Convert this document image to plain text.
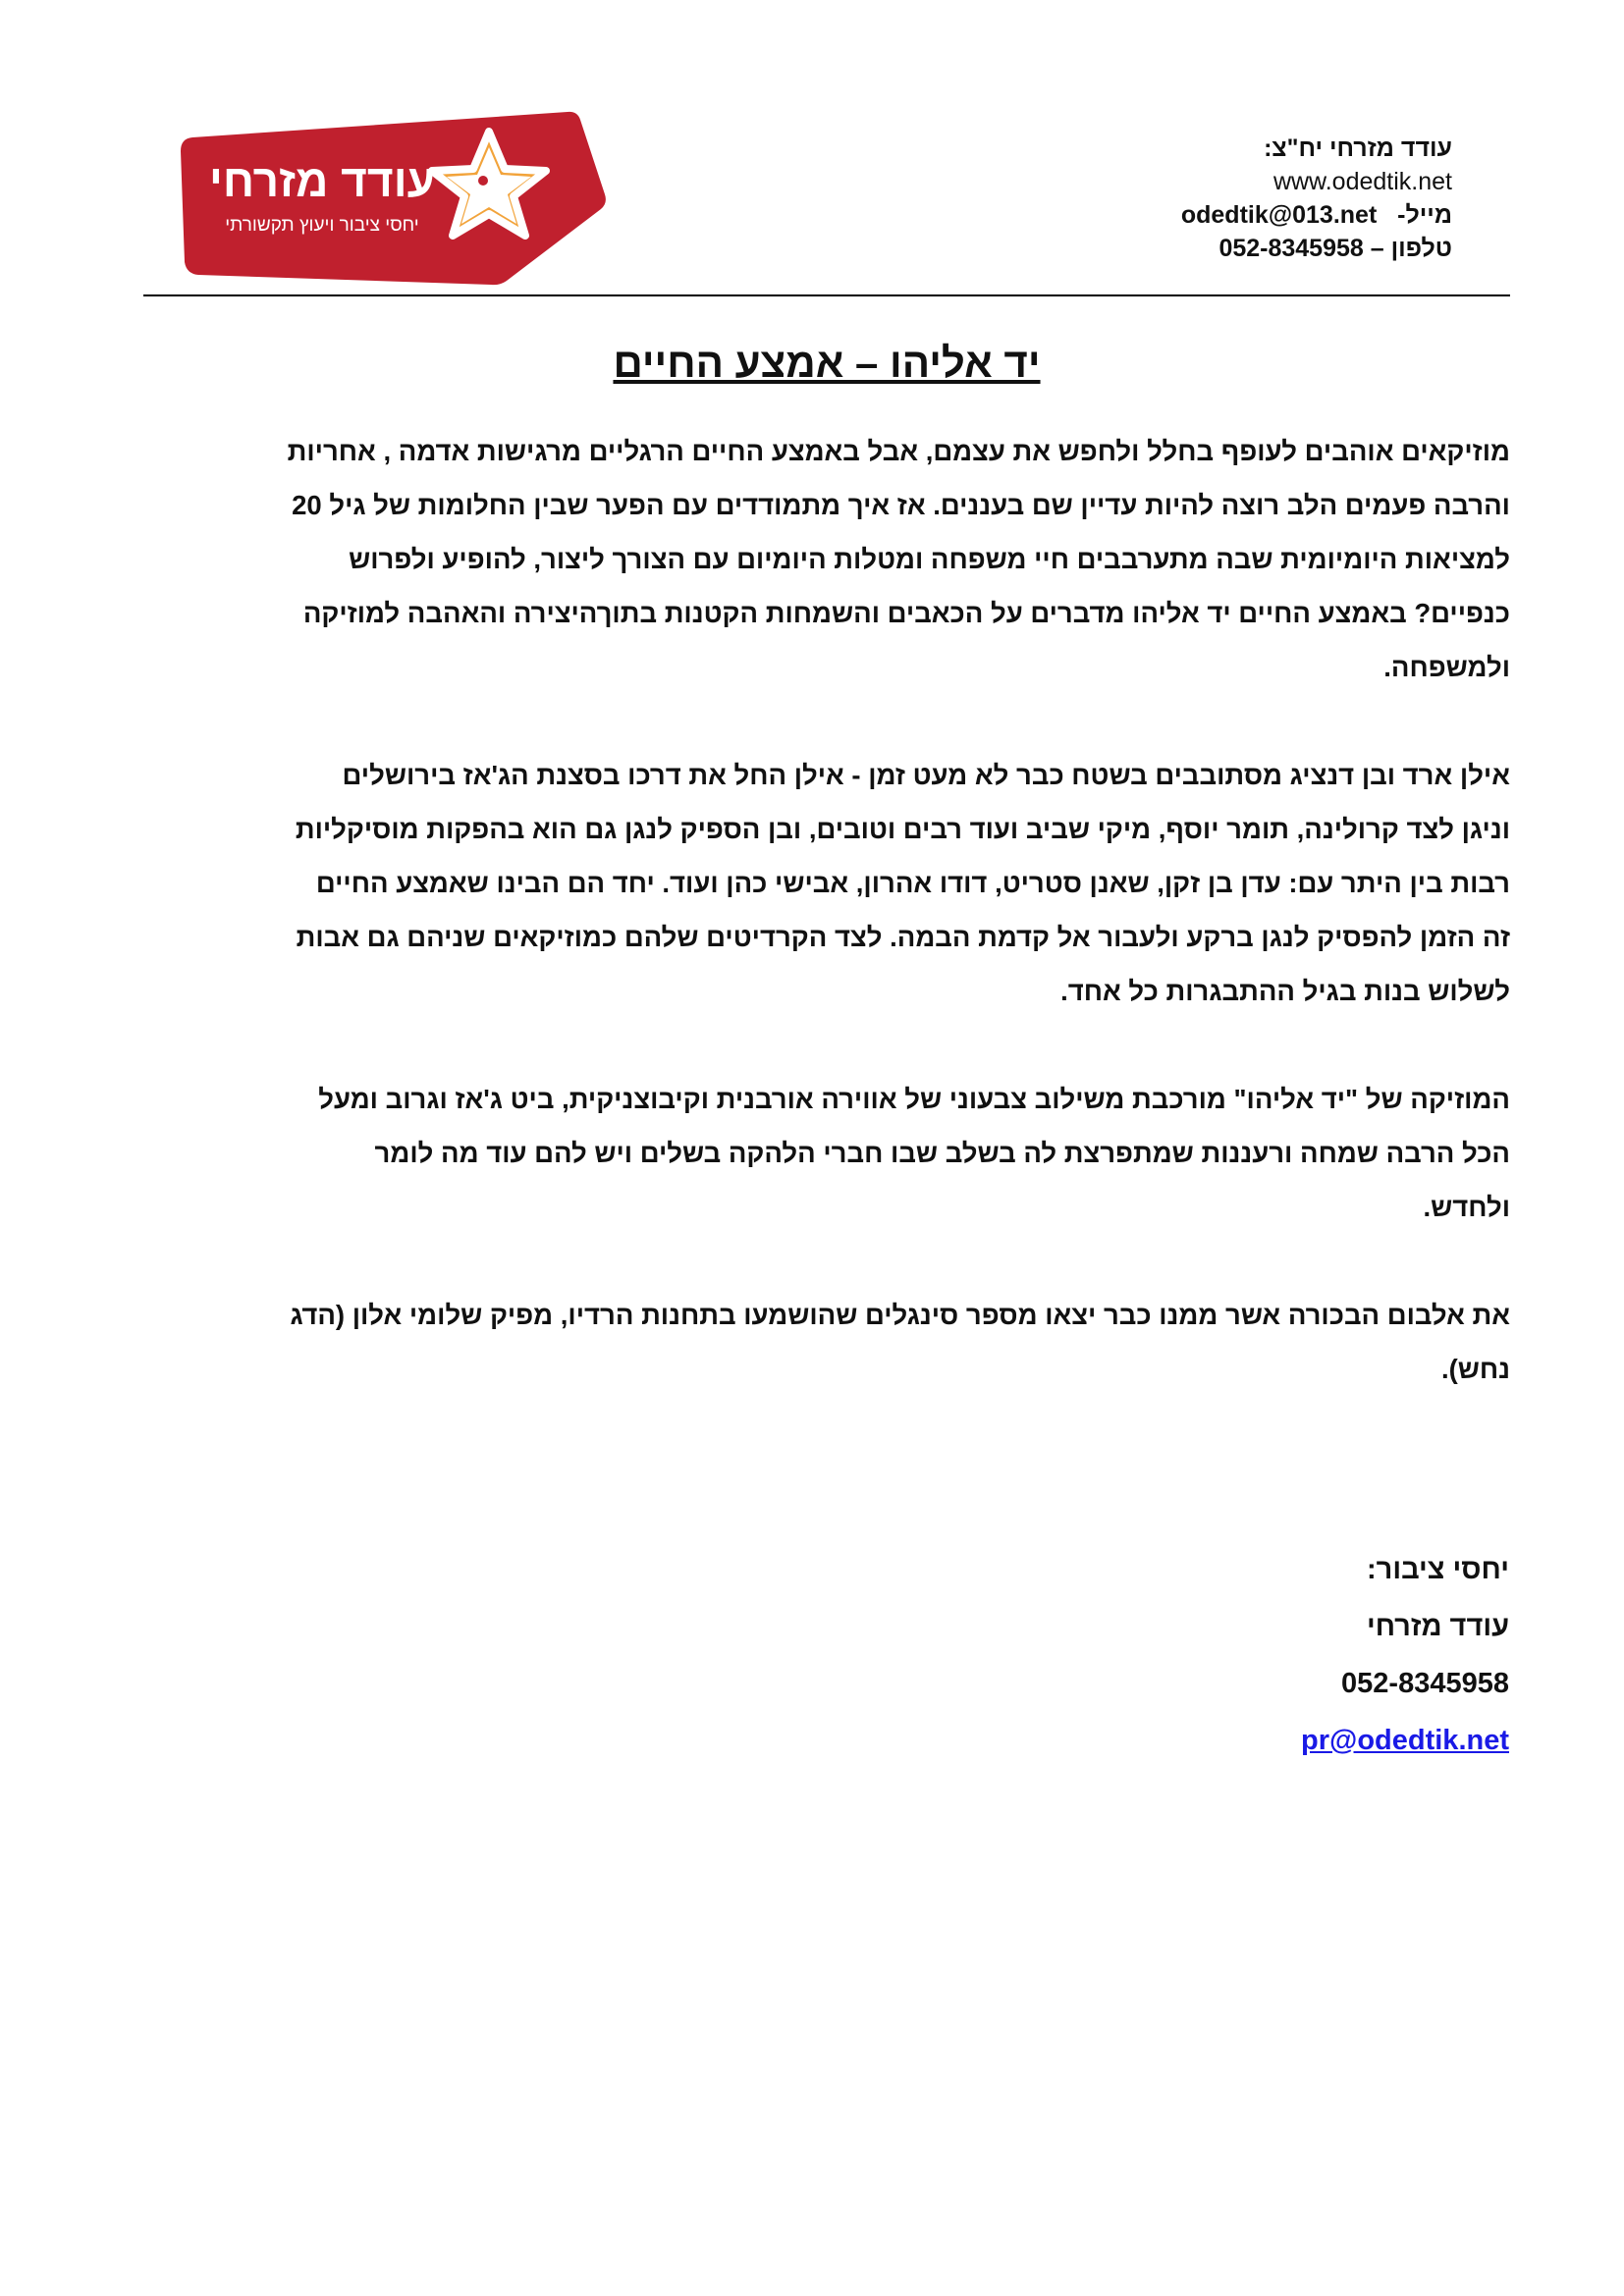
עודד מזרחי
יחסי ציבור ויעוץ תקשורתי
עודד מזרחי יח"צ:
www.odedtik.net
מייל-   odedtik@013.net
טלפון – 052-8345958
יד אליהו – אמצע החיים

מוזיקאים אוהבים לעופף בחלל ולחפש את עצמם, אבל באמצע החיים הרגליים מרגישות אדמה , אחריות
והרבה פעמים הלב רוצה להיות עדיין שם בעננים. אז איך מתמודדים עם הפער שבין החלומות של גיל 20
למציאות היומיומית שבה מתערבבים חיי משפחה ומטלות היומיום עם הצורך ליצור, להופיע ולפרוש
כנפיים? באמצע החיים יד אליהו מדברים על הכאבים והשמחות הקטנות בתוךהיצירה והאהבה למוזיקה
ולמשפחה.

אילן ארד ובן דנציג מסתובבים בשטח כבר לא מעט זמן - אילן החל את דרכו בסצנת הג'אז בירושלים
וניגן לצד קרולינה, תומר יוסף, מיקי שביב ועוד רבים וטובים, ובן הספיק לנגן גם הוא בהפקות מוסיקליות
רבות בין היתר עם: עדן בן זקן, שאנן סטריט, דודו אהרון, אבישי כהן ועוד. יחד הם הבינו שאמצע החיים
זה הזמן להפסיק לנגן ברקע ולעבור אל קדמת הבמה. לצד הקרדיטים שלהם כמוזיקאים שניהם גם אבות
לשלוש בנות בגיל ההתבגרות כל אחד.

המוזיקה של "יד אליהו" מורכבת משילוב צבעוני של אווירה אורבנית וקיבוצניקית, ביט ג'אז וגרוב ומעל
הכל הרבה שמחה ורעננות שמתפרצת לה בשלב שבו חברי הלהקה בשלים ויש להם עוד מה לומר
ולחדש.

את אלבום הבכורה אשר ממנו כבר יצאו מספר סינגלים שהושמעו בתחנות הרדיו, מפיק שלומי אלון (הדג
נחש).

יחסי ציבור:
עודד מזרחי
052-8345958
pr@odedtik.net
